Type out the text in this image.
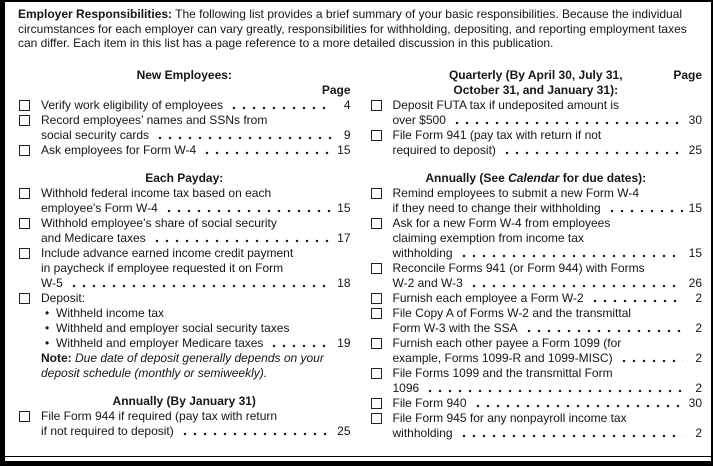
Employer Responsibilities: The following list provides a brief summary of your basic responsibilities. Because the individual circumstances for each employer can vary greatly, responsibilities for withholding, depositing, and reporting employment taxes can differ. Each item in this list has a page reference to a more detailed discussion in this publication.
New Employees:
Page
Verify work eligibility of employees	4
Record employees’ names and SSNs from
social security cards	9
Ask employees for Form W-4	15
Each Payday:
Withhold federal income tax based on each
employee's Form W-4	15
Withhold employee’s share of social security
and Medicare taxes	17
Include advance earned income credit payment
in paycheck if employee requested it on Form
W-5	18
Deposit:
• Withheld income tax
• Withheld and employer social security taxes
• Withheld and employer Medicare taxes	19
Note: Due date of deposit generally depends on your deposit schedule (monthly or semiweekly).
Annually (By January 31)
File Form 944 if required (pay tax with return
if not required to deposit)	25
Quarterly (By April 30, July 31,	Page
October 31, and January 31):
Deposit FUTA tax if undeposited amount is
over $500	30
File Form 941 (pay tax with return if not
required to deposit)	25
Annually (See Calendar for due dates):
Remind employees to submit a new Form W-4
if they need to change their withholding	15
Ask for a new Form W-4 from employees
claiming exemption from income tax
withholding	15
Reconcile Forms 941 (or Form 944) with Forms
W-2 and W-3	26
Furnish each employee a Form W-2	2
File Copy A of Forms W-2 and the transmittal
Form W-3 with the SSA	2
Furnish each other payee a Form 1099 (for
example, Forms 1099-R and 1099-MISC)	2
File Forms 1099 and the transmittal Form
1096	2
File Form 940	30
File Form 945 for any nonpayroll income tax
withholding	2
